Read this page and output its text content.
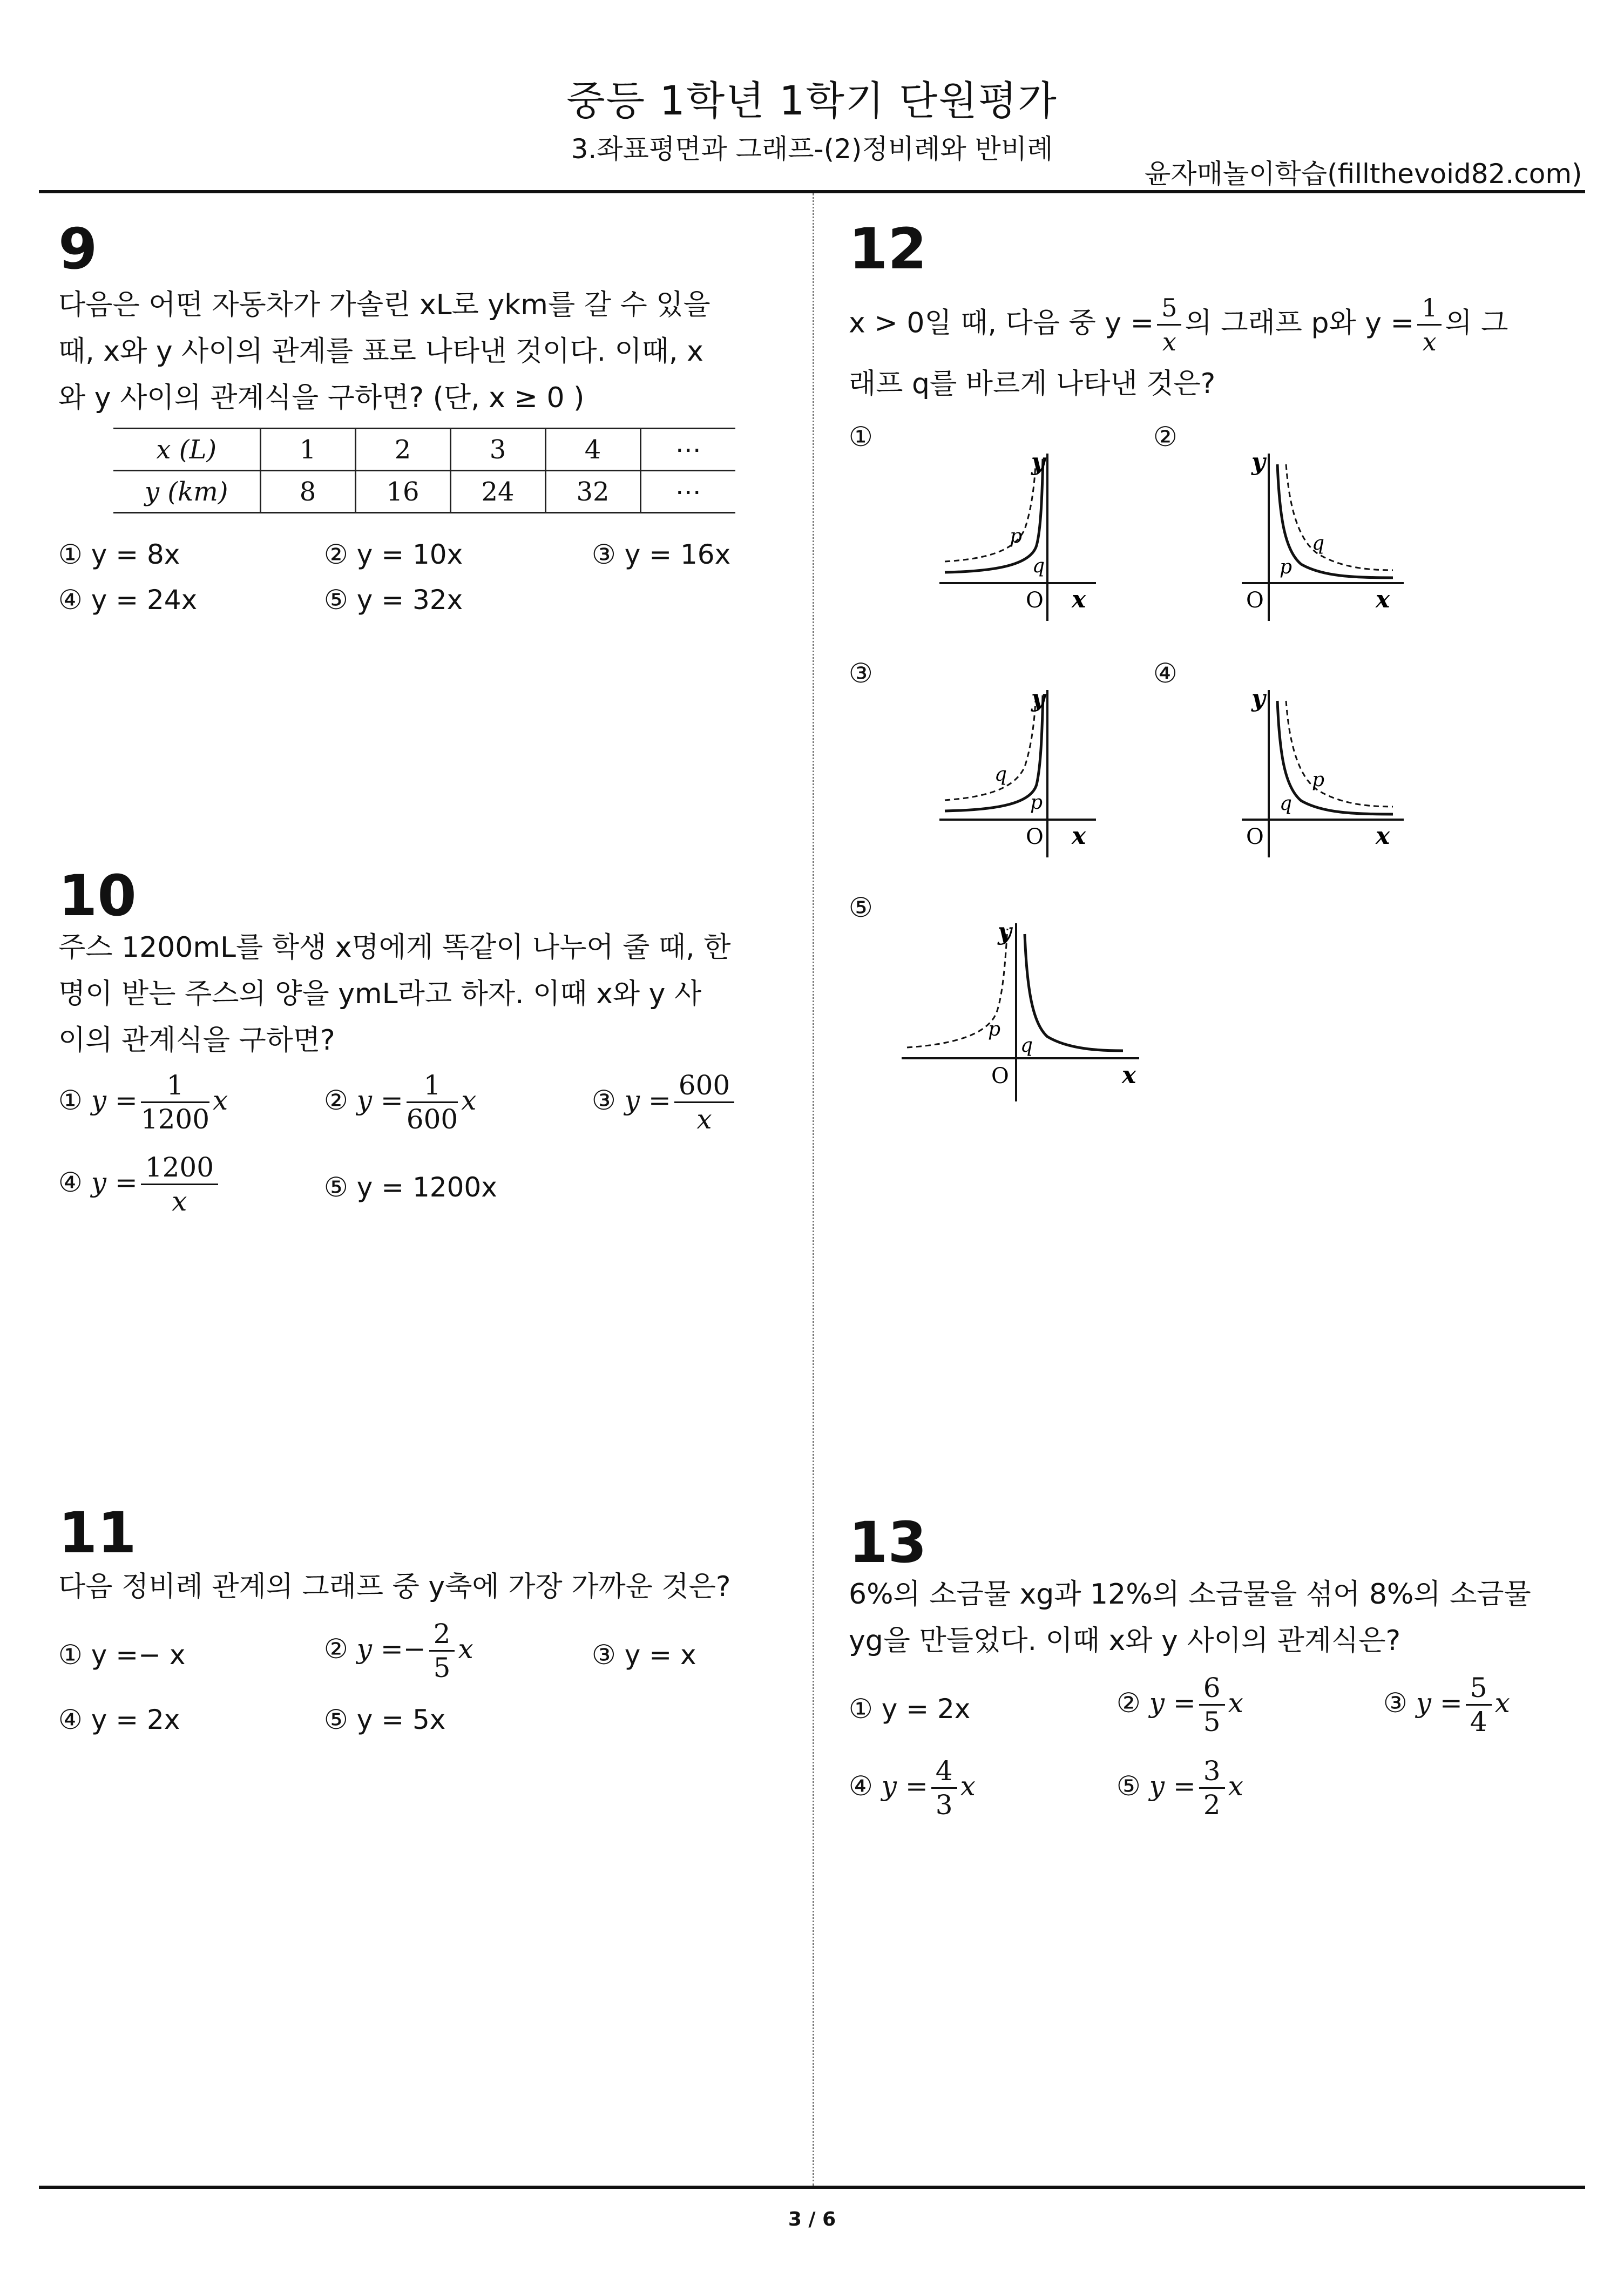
중등 1학년 1학기 단원평가
3.좌표평면과 그래프-(2)정비례와 반비례
윤자매놀이학습(fillthevoid82.com)
9
다음은 어떤 자동차가 가솔린 xL로 ykm를 갈 수 있을
때, x와 y 사이의 관계를 표로 나타낸 것이다. 이때, x
와 y 사이의 관계식을 구하면? (단, x ≥ 0 )
x (L)	1	2	3	4	⋯
y (km)	8	16	24	32	⋯
① y = 8x	② y = 10x	③ y = 16x
④ y = 24x	⑤ y = 32x
10
주스 1200mL를 학생 x명에게 똑같이 나누어 줄 때, 한
명이 받는 주스의 양을 ymL라고 하자. 이때 x와 y 사
이의 관계식을 구하면?
① $y = \frac{1}{1200}$ x	② $y = \frac{1}{600}$ x	③ $y = \frac{600}{x}$
④ $y = \frac{1200}{x}$	⑤ y = 1200x
11
다음 정비례 관계의 그래프 중 y축에 가장 가까운 것은?
① y =− x	② $y =- \frac{2}{5}$ x	③ y = x
④ y = 2x	⑤ y = 5x
12
x > 0일 때, 다음 중 $y = \frac{5}{x}$ 의 그래프 p와 $y = \frac{1}{x}$ 의 그
래프 q를 바르게 나타낸 것은?
①	②
③	④
⑤
p
q
O x
y
p
q
O	x
y
q
p
O x
y
q
p
O	x
y
p
q
O	x
y
13
6%의 소금물 xg과 12%의 소금물을 섞어 8%의 소금물
yg을 만들었다. 이때 x와 y 사이의 관계식은?
① y = 2x	② $y = \frac{6}{5}$ x	③ $y = \frac{5}{4}$ x
④ $y = \frac{4}{3}$ x	⑤ $y = \frac{3}{2}$ x
3 / 6
